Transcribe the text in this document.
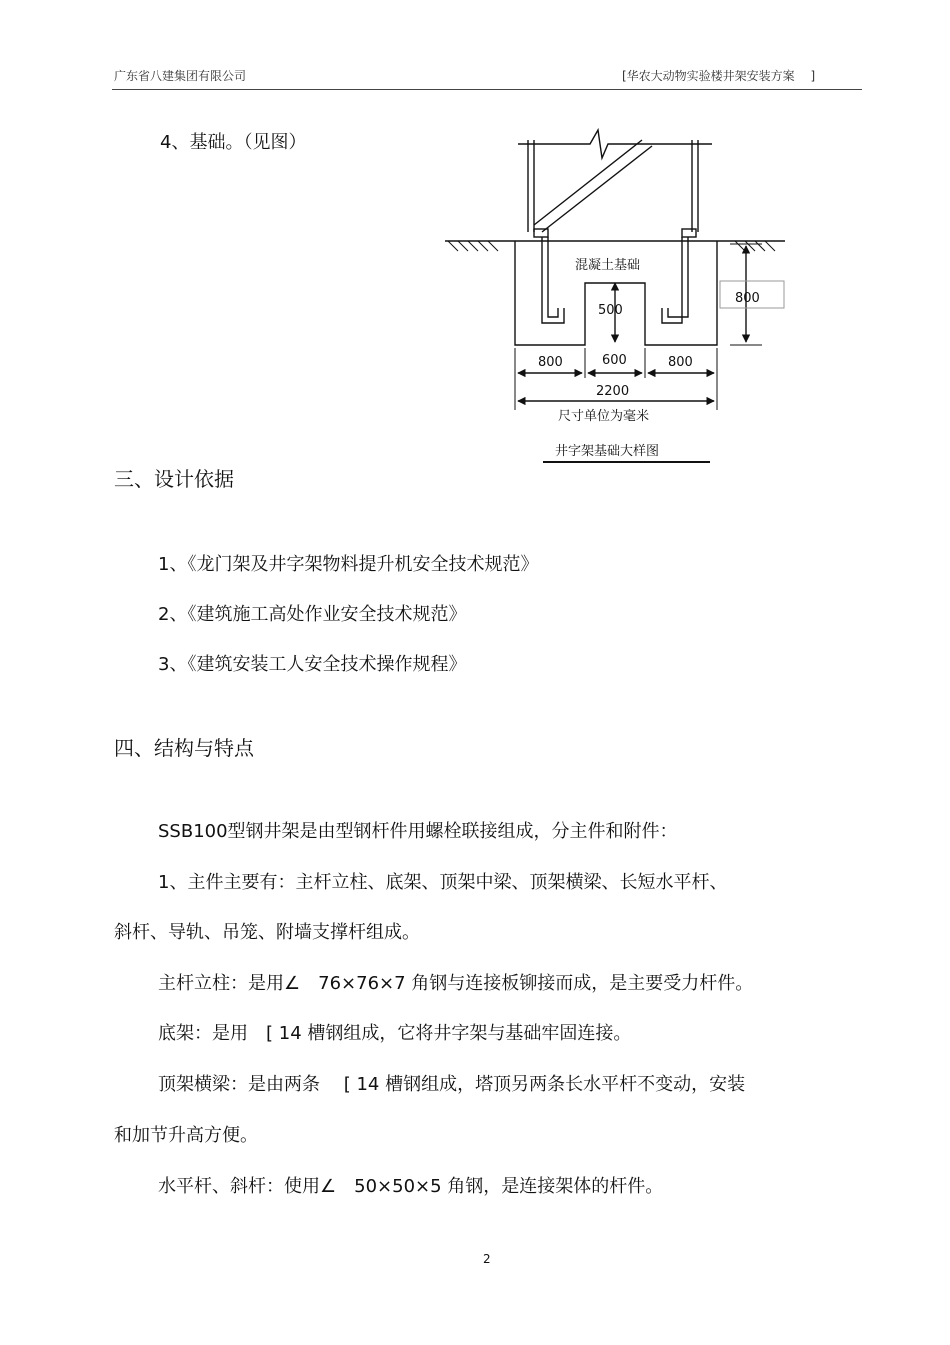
广东省八建集团有限公司	[华农大动物实验楼井架安装方案　 ]
4、基础。（见图）
混凝土基础
500
800
800	600	800
2200
尺寸单位为毫米
井字架基础大样图
三、设计依据
1、《龙门架及井字架物料提升机安全技术规范》
2、《建筑施工高处作业安全技术规范》
3、《建筑安装工人安全技术操作规程》
四、结构与特点
SSB100型钢井架是由型钢杆件用螺栓联接组成，分主件和附件：
1、主件主要有：主杆立柱、底架、顶架中梁、顶架横梁、长短水平杆、
斜杆、导轨、吊笼、附墙支撑杆组成。
主杆立柱：是用∠　76×76×7 角钢与连接板铆接而成，是主要受力杆件。
底架：是用　[ 14 槽钢组成，它将井字架与基础牢固连接。
顶架横梁：是由两条　 [ 14 槽钢组成，塔顶另两条长水平杆不变动，安装
和加节升高方便。
水平杆、斜杆：使用∠　50×50×5 角钢，是连接架体的杆件。
2
